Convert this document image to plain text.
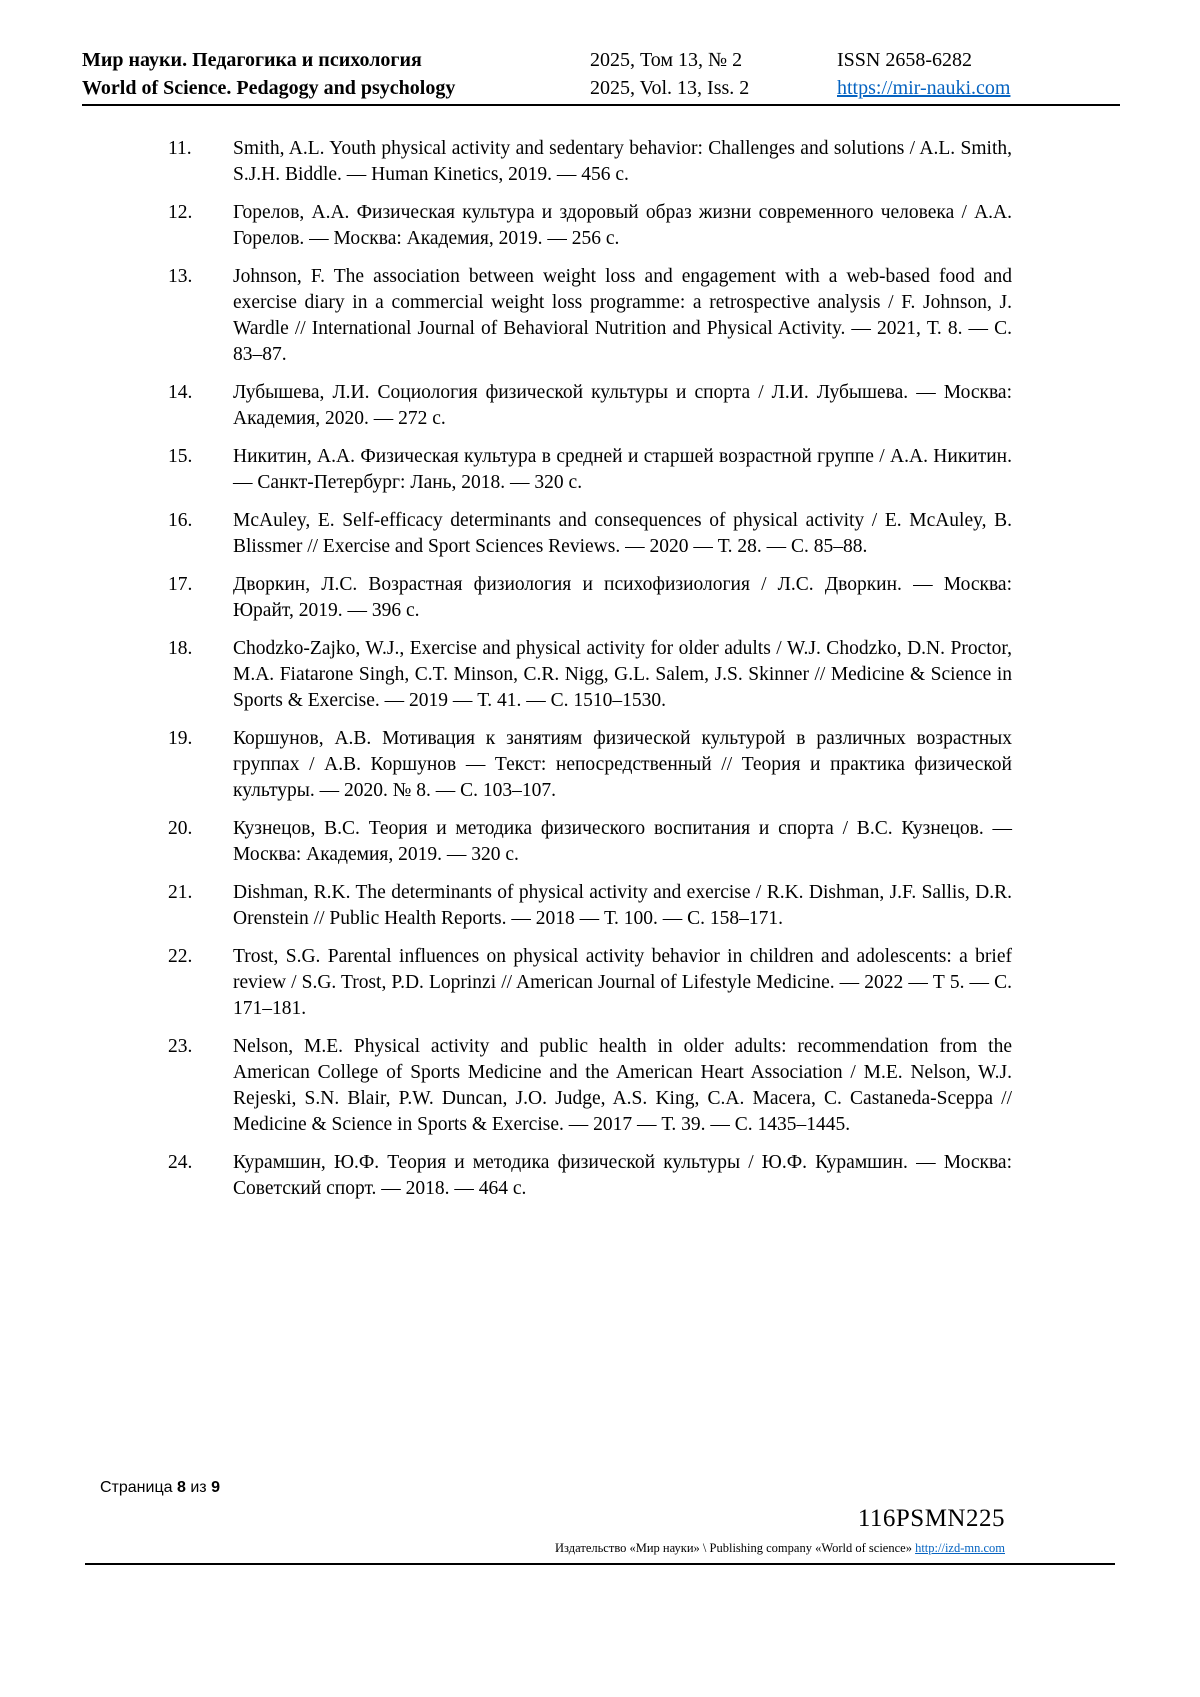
Мир науки. Педагогика и психология
World of Science. Pedagogy and psychology
2025, Том 13, № 2
2025, Vol. 13, Iss. 2
ISSN 2658-6282
https://mir-nauki.com
11.	Smith, A.L. Youth physical activity and sedentary behavior: Challenges and solutions / A.L. Smith, S.J.H. Biddle. — Human Kinetics, 2019. — 456 с.
12.	Горелов, А.А. Физическая культура и здоровый образ жизни современного человека / А.А. Горелов. — Москва: Академия, 2019. — 256 с.
13.	Johnson, F. The association between weight loss and engagement with a web-based food and exercise diary in a commercial weight loss programme: a retrospective analysis / F. Johnson, J. Wardle // International Journal of Behavioral Nutrition and Physical Activity. — 2021, Т. 8. — С. 83–87.
14.	Лубышева, Л.И. Социология физической культуры и спорта / Л.И. Лубышева. — Москва: Академия, 2020. — 272 с.
15.	Никитин, А.А. Физическая культура в средней и старшей возрастной группе / А.А. Никитин. — Санкт-Петербург: Лань, 2018. — 320 с.
16.	McAuley, E. Self-efficacy determinants and consequences of physical activity / E. McAuley, B. Blissmer // Exercise and Sport Sciences Reviews. — 2020 — Т. 28. — С. 85–88.
17.	Дворкин, Л.С. Возрастная физиология и психофизиология / Л.С. Дворкин. — Москва: Юрайт, 2019. — 396 с.
18.	Chodzko-Zajko, W.J., Exercise and physical activity for older adults / W.J. Chodzko, D.N. Proctor, M.A. Fiatarone Singh, C.T. Minson, C.R. Nigg, G.L. Salem, J.S. Skinner // Medicine & Science in Sports & Exercise. — 2019 — Т. 41. — С. 1510–1530.
19.	Коршунов, А.В. Мотивация к занятиям физической культурой в различных возрастных группах / А.В. Коршунов — Текст: непосредственный // Теория и практика физической культуры. — 2020. № 8. — С. 103–107.
20.	Кузнецов, В.С. Теория и методика физического воспитания и спорта / В.С. Кузнецов. — Москва: Академия, 2019. — 320 с.
21.	Dishman, R.K. The determinants of physical activity and exercise / R.K. Dishman, J.F. Sallis, D.R. Orenstein // Public Health Reports. — 2018 — Т. 100. — С. 158–171.
22.	Trost, S.G. Parental influences on physical activity behavior in children and adolescents: a brief review / S.G. Trost, P.D. Loprinzi // American Journal of Lifestyle Medicine. — 2022 — Т 5. — С. 171–181.
23.	Nelson, M.E. Physical activity and public health in older adults: recommendation from the American College of Sports Medicine and the American Heart Association / M.E. Nelson, W.J. Rejeski, S.N. Blair, P.W. Duncan, J.O. Judge, A.S. King, C.A. Macera, C. Castaneda-Sceppa // Medicine & Science in Sports & Exercise. — 2017 — Т. 39. — С. 1435–1445.
24.	Курамшин, Ю.Ф. Теория и методика физической культуры / Ю.Ф. Курамшин. — Москва: Советский спорт. — 2018. — 464 с.
Страница 8 из 9
116PSMN225
Издательство «Мир науки» \ Publishing company «World of science» http://izd-mn.com
